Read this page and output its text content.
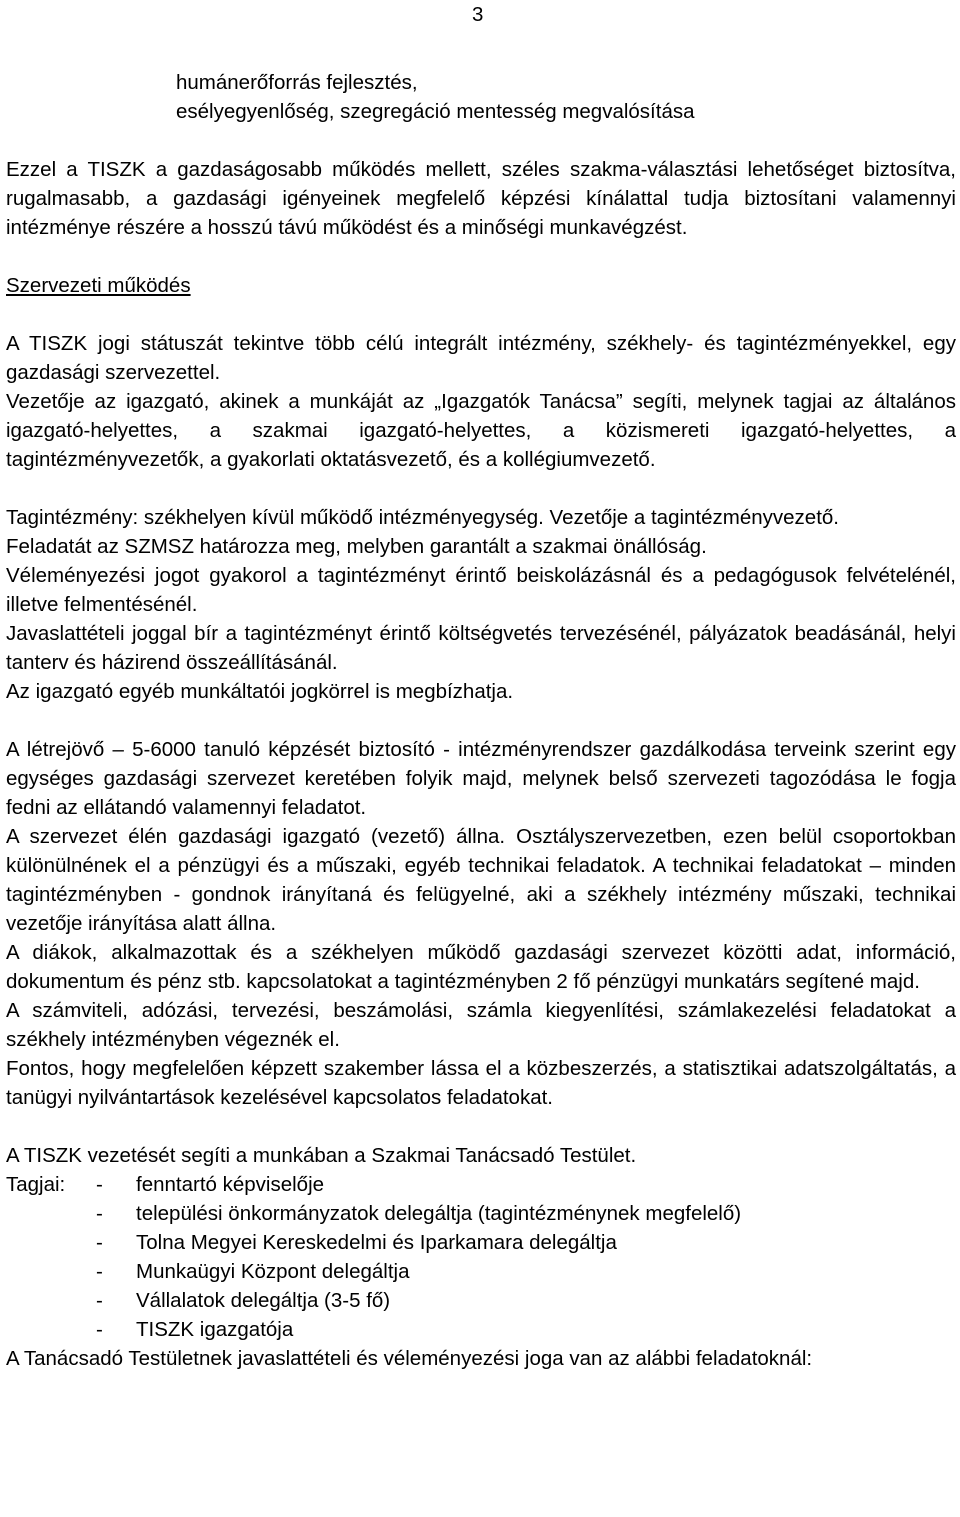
3

humánerőforrás fejlesztés,

esélyegyenlőség, szegregáció mentesség megvalósítása

Ezzel a TISZK a gazdaságosabb működés mellett, széles szakma-választási lehetőséget biztosítva, rugalmasabb, a gazdasági igényeinek megfelelő képzési kínálattal tudja biztosítani valamennyi intézménye részére a hosszú távú működést és a minőségi munkavégzést.

Szervezeti működés

A TISZK jogi státuszát tekintve több célú integrált intézmény, székhely- és tagintézményekkel, egy gazdasági szervezettel.

Vezetője az igazgató, akinek a munkáját az „Igazgatók Tanácsa” segíti, melynek tagjai az általános igazgató-helyettes, a szakmai igazgató-helyettes, a közismereti igazgató-helyettes, a tagintézményvezetők, a gyakorlati oktatásvezető, és a kollégiumvezető.

Tagintézmény: székhelyen kívül működő intézményegység. Vezetője a tagintézményvezető.

Feladatát az SZMSZ határozza meg, melyben garantált a szakmai önállóság.

Véleményezési jogot gyakorol a tagintézményt érintő beiskolázásnál és a pedagógusok felvételénél, illetve felmentésénél.

Javaslattételi joggal bír a tagintézményt érintő költségvetés tervezésénél, pályázatok beadásánál, helyi tanterv és házirend összeállításánál.

Az igazgató egyéb munkáltatói jogkörrel is megbízhatja.

A létrejövő – 5-6000 tanuló képzését biztosító - intézményrendszer gazdálkodása terveink szerint egy egységes gazdasági szervezet keretében folyik majd, melynek belső szervezeti tagozódása le fogja fedni az ellátandó valamennyi feladatot.

A szervezet élén gazdasági igazgató (vezető) állna. Osztályszervezetben, ezen belül csoportokban különülnének el a pénzügyi és a műszaki, egyéb technikai feladatok. A technikai feladatokat – minden tagintézményben - gondnok irányítaná és felügyelné, aki a székhely intézmény műszaki, technikai vezetője irányítása alatt állna.

A diákok, alkalmazottak és a székhelyen működő gazdasági szervezet közötti adat, információ, dokumentum és pénz stb. kapcsolatokat a tagintézményben 2 fő pénzügyi munkatárs segítené majd.

A számviteli, adózási, tervezési, beszámolási, számla kiegyenlítési, számlakezelési feladatokat a székhely intézményben végeznék el.

Fontos, hogy megfelelően képzett szakember lássa el a közbeszerzés, a statisztikai adatszolgáltatás, a tanügyi nyilvántartások kezelésével kapcsolatos feladatokat.

A TISZK vezetését segíti a munkában a Szakmai Tanácsadó Testület.

Tagjai:	-	fenntartó képviselője
-	települési önkormányzatok delegáltja (tagintézménynek megfelelő)
-	Tolna Megyei Kereskedelmi és Iparkamara delegáltja
-	Munkaügyi Központ delegáltja
-	Vállalatok delegáltja (3-5 fő)
-	TISZK igazgatója

A Tanácsadó Testületnek javaslattételi és véleményezési joga van az alábbi feladatoknál:
